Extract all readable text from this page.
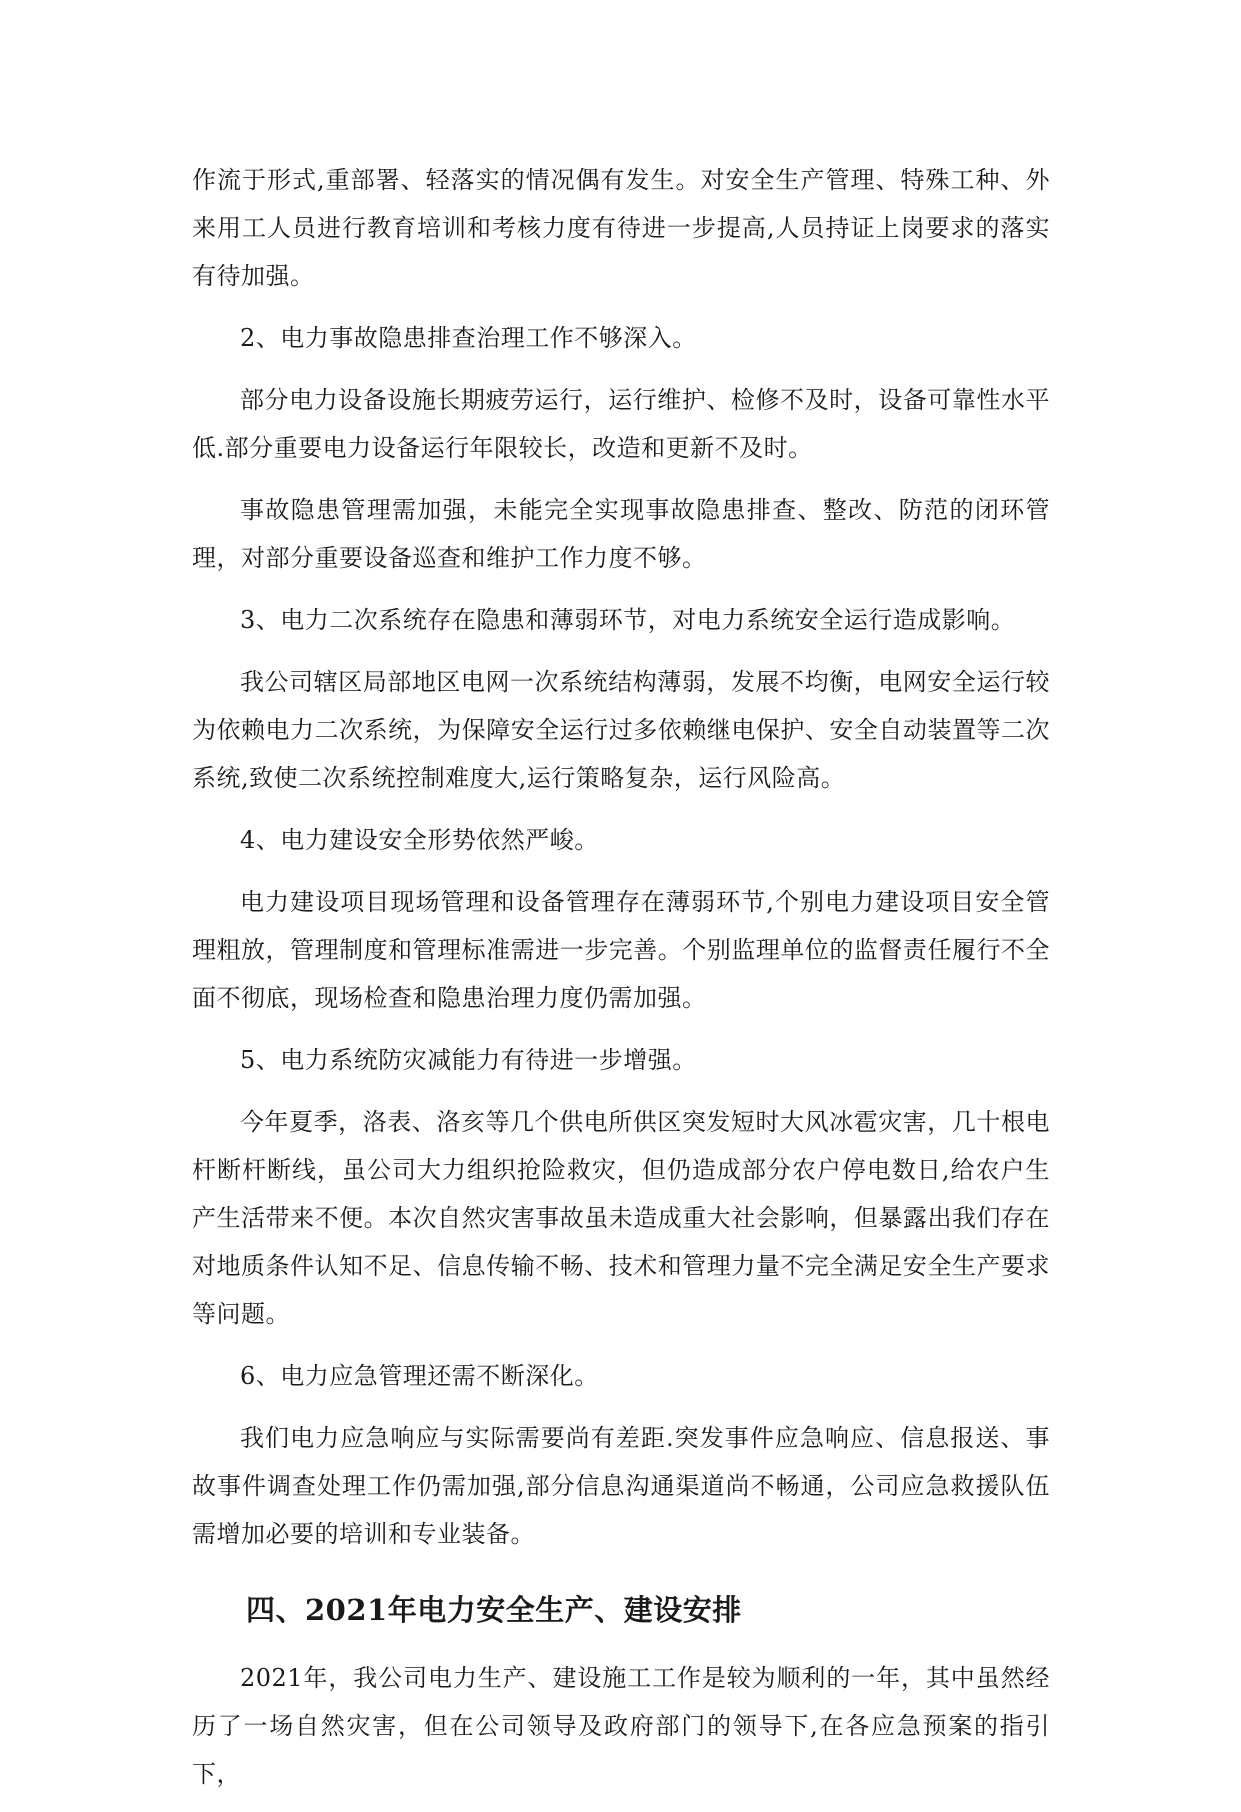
作流于形式,重部署、轻落实的情况偶有发生。对安全生产管理、特殊工种、外来用工人员进行教育培训和考核力度有待进一步提高,人员持证上岗要求的落实有待加强。

2、电力事故隐患排查治理工作不够深入。

部分电力设备设施长期疲劳运行，运行维护、检修不及时，设备可靠性水平低.部分重要电力设备运行年限较长，改造和更新不及时。

事故隐患管理需加强，未能完全实现事故隐患排查、整改、防范的闭环管理，对部分重要设备巡查和维护工作力度不够。

3、电力二次系统存在隐患和薄弱环节，对电力系统安全运行造成影响。

我公司辖区局部地区电网一次系统结构薄弱，发展不均衡，电网安全运行较为依赖电力二次系统，为保障安全运行过多依赖继电保护、安全自动装置等二次系统,致使二次系统控制难度大,运行策略复杂，运行风险高。

4、电力建设安全形势依然严峻。

电力建设项目现场管理和设备管理存在薄弱环节,个别电力建设项目安全管理粗放，管理制度和管理标准需进一步完善。个别监理单位的监督责任履行不全面不彻底，现场检查和隐患治理力度仍需加强。

5、电力系统防灾减能力有待进一步增强。

今年夏季，洛表、洛亥等几个供电所供区突发短时大风冰雹灾害，几十根电杆断杆断线，虽公司大力组织抢险救灾，但仍造成部分农户停电数日,给农户生产生活带来不便。本次自然灾害事故虽未造成重大社会影响，但暴露出我们存在对地质条件认知不足、信息传输不畅、技术和管理力量不完全满足安全生产要求等问题。

6、电力应急管理还需不断深化。

我们电力应急响应与实际需要尚有差距.突发事件应急响应、信息报送、事故事件调查处理工作仍需加强,部分信息沟通渠道尚不畅通，公司应急救援队伍需增加必要的培训和专业装备。

四、2021年电力安全生产、建设安排

2021年，我公司电力生产、建设施工工作是较为顺利的一年，其中虽然经历了一场自然灾害，但在公司领导及政府部门的领导下,在各应急预案的指引下，
